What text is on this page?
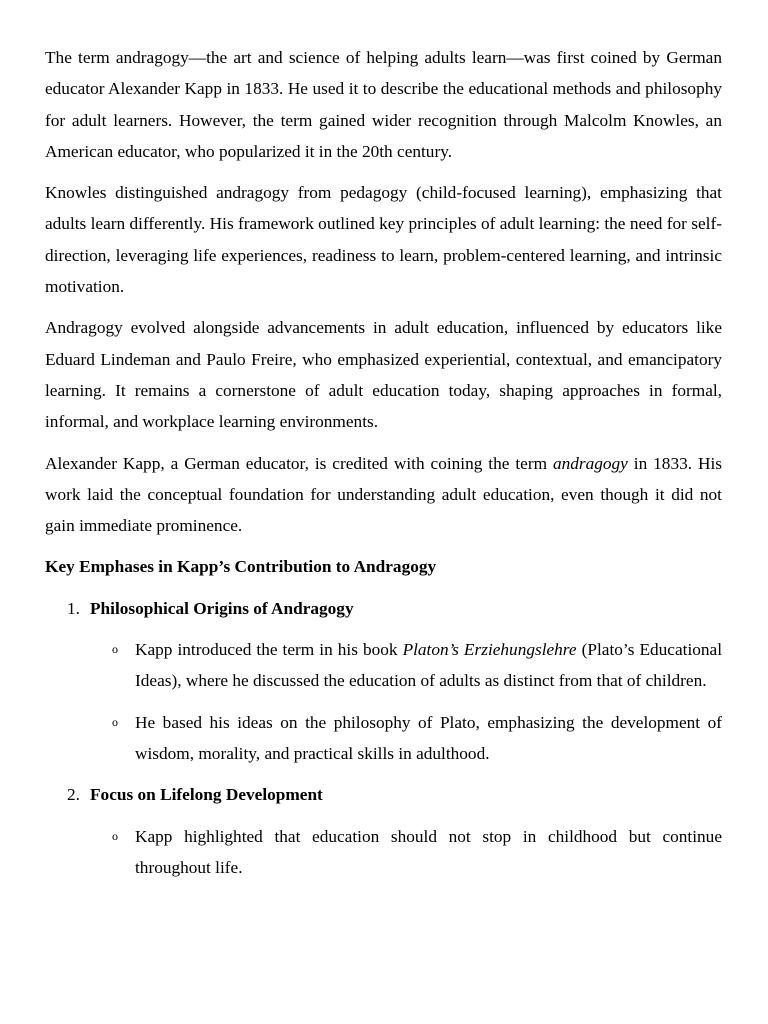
The term andragogy—the art and science of helping adults learn—was first coined by German educator Alexander Kapp in 1833. He used it to describe the educational methods and philosophy for adult learners. However, the term gained wider recognition through Malcolm Knowles, an American educator, who popularized it in the 20th century.

Knowles distinguished andragogy from pedagogy (child-focused learning), emphasizing that adults learn differently. His framework outlined key principles of adult learning: the need for self-direction, leveraging life experiences, readiness to learn, problem-centered learning, and intrinsic motivation.

Andragogy evolved alongside advancements in adult education, influenced by educators like Eduard Lindeman and Paulo Freire, who emphasized experiential, contextual, and emancipatory learning. It remains a cornerstone of adult education today, shaping approaches in formal, informal, and workplace learning environments.

Alexander Kapp, a German educator, is credited with coining the term andragogy in 1833. His work laid the conceptual foundation for understanding adult education, even though it did not gain immediate prominence.

Key Emphases in Kapp’s Contribution to Andragogy

1. Philosophical Origins of Andragogy
o Kapp introduced the term in his book Platon’s Erziehungslehre (Plato’s Educational Ideas), where he discussed the education of adults as distinct from that of children.
o He based his ideas on the philosophy of Plato, emphasizing the development of wisdom, morality, and practical skills in adulthood.
2. Focus on Lifelong Development
o Kapp highlighted that education should not stop in childhood but continue throughout life.
